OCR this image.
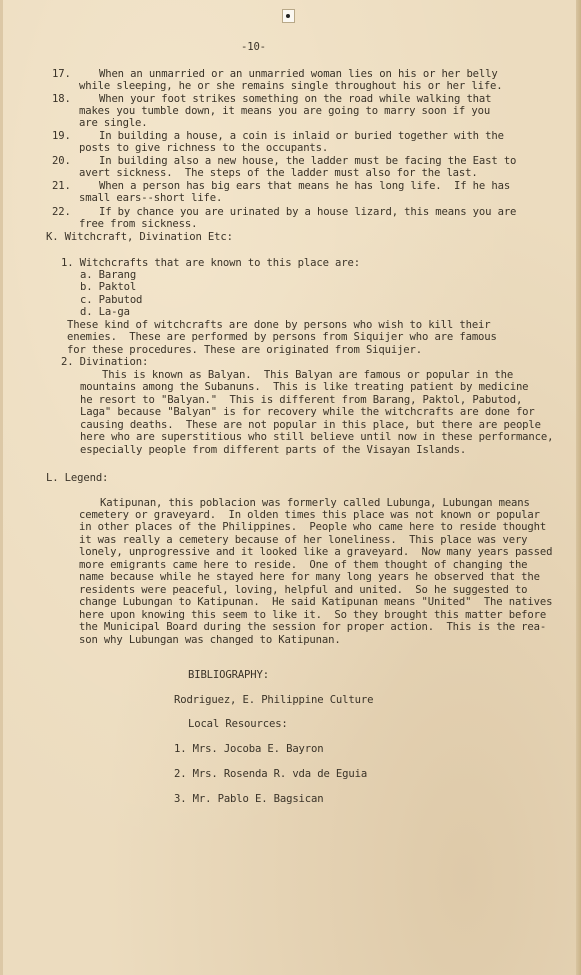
-10-
17.	When an unmarried or an unmarried woman lies on his or her belly
while sleeping, he or she remains single throughout his or her life.
18.	When your foot strikes something on the road while walking that
makes you tumble down, it means you are going to marry soon if you
are single.
19.	In building a house, a coin is inlaid or buried together with the
posts to give richness to the occupants.
20.	In building also a new house, the ladder must be facing the East to
avert sickness.  The steps of the ladder must also for the last.
21.	When a person has big ears that means he has long life.  If he has
small ears--short life.
22.	If by chance you are urinated by a house lizard, this means you are
free from sickness.
K. Witchcraft, Divination Etc:
1. Witchcrafts that are known to this place are:
a. Barang
b. Paktol
c. Pabutod
d. La-ga
These kind of witchcrafts are done by persons who wish to kill their
enemies.  These are performed by persons from Siquijer who are famous
for these procedures. These are originated from Siquijer.
2. Divination:
This is known as Balyan.  This Balyan are famous or popular in the
mountains among the Subanuns.  This is like treating patient by medicine
he resort to "Balyan."  This is different from Barang, Paktol, Pabutod,
Laga" because "Balyan" is for recovery while the witchcrafts are done for
causing deaths.  These are not popular in this place, but there are people
here who are superstitious who still believe until now in these performance,
especially people from different parts of the Visayan Islands.
L. Legend:
Katipunan, this poblacion was formerly called Lubunga, Lubungan means
cemetery or graveyard.  In olden times this place was not known or popular
in other places of the Philippines.  People who came here to reside thought
it was really a cemetery because of her loneliness.  This place was very
lonely, unprogressive and it looked like a graveyard.  Now many years passed
more emigrants came here to reside.  One of them thought of changing the
name because while he stayed here for many long years he observed that the
residents were peaceful, loving, helpful and united.  So he suggested to
change Lubungan to Katipunan.  He said Katipunan means "United"  The natives
here upon knowing this seem to like it.  So they brought this matter before
the Municipal Board during the session for proper action.  This is the rea-
son why Lubungan was changed to Katipunan.
BIBLIOGRAPHY:
Rodriguez, E. Philippine Culture
Local Resources:
1. Mrs. Jocoba E. Bayron
2. Mrs. Rosenda R. vda de Eguia
3. Mr. Pablo E. Bagsican
